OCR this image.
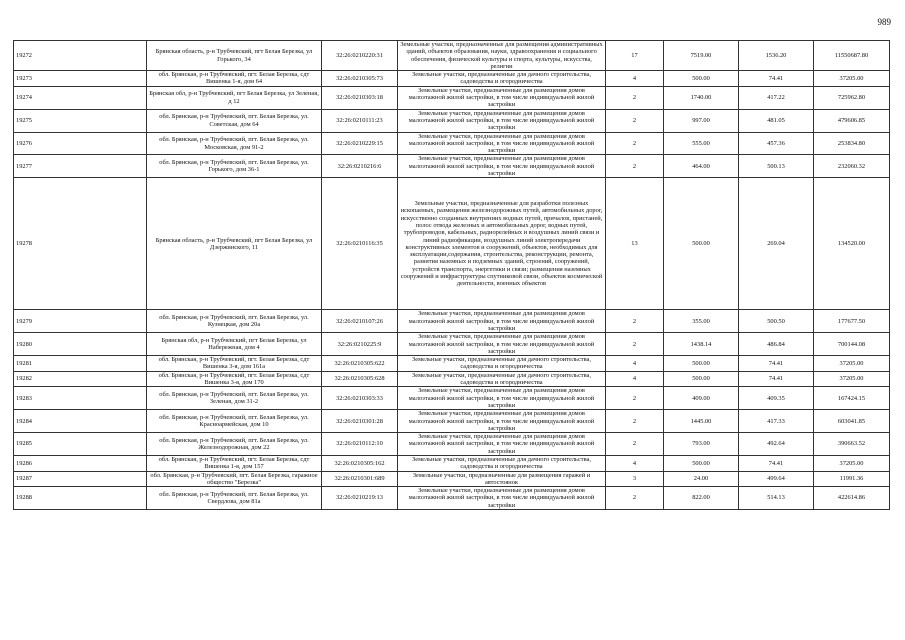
989
19272	Брянская область, р-н Трубчевский, пгт Белая Березка, ул Горького, 34	32:26:0210220:31	Земельные участки, предназначенные для размещения административных зданий, объектов образования, науки, здравоохранения и социального обеспечения, физической культуры и спорта, культуры, искусства, религии	17	7519.00	1536.20	11550687.80
19273	обл. Брянская, р-н Трубчевский, пгт. Белая Березка, сдт Вишенка 1-я, дом 64	32:26:0210305:73	Земельные участки, предназначенные для дачного строительства, садоводства и огородничества	4	500.00	74.41	37205.00
19274	Брянская обл, р-н Трубчевский, пгт Белая Березка, ул Зеленая, д 12	32:26:0210303:18	Земельные участки, предназначенные для размещения домов малоэтажной жилой застройки, в том числе индивидуальной жилой застройки	2	1740.00	417.22	725962.80
19275	обл. Брянская, р-н Трубчевский, пгт. Белая Березка, ул. Советская, дом 64	32:26:0210111:23	Земельные участки, предназначенные для размещения домов малоэтажной жилой застройки, в том числе индивидуальной жилой застройки	2	997.00	481.05	479606.85
19276	обл. Брянская, р-н Трубчевский, пгт. Белая Березка, ул. Московская, дом 91-2	32:26:0210229:15	Земельные участки, предназначенные для размещения домов малоэтажной жилой застройки, в том числе индивидуальной жилой застройки	2	555.00	457.36	253834.80
19277	обл. Брянская, р-н Трубчевский, пгт. Белая Березка, ул. Горького, дом 36-1	32:26:0210216:6	Земельные участки, предназначенные для размещения домов малоэтажной жилой застройки, в том числе индивидуальной жилой застройки	2	464.00	500.13	232060.32
19278	Брянская область, р-н Трубчевский, пгт Белая Березка, ул Дзержинского, 11	32:26:0210116:35	Земельные участки, предназначенные для разработки полезных ископаемых, размещения железнодорожных путей, автомобильных дорог, искусственно созданных внутренних водных путей, причалов, пристаней, полос отвода железных и автомобильных дорог, водных путей, трубопроводов, кабельных, радиорелейных и воздушных линий связи и линий радиофикации, воздушных линий электропередачи конструктивных элементов и сооружений, объектов, необходимых для эксплуатации,содержания, строительства, реконструкции, ремонта, развития наземных и подземных зданий, строений, сооружений, устройств транспорта, энергетики и связи; размещения наземных сооружений и инфраструктуры спутниковой связи, объектов космической деятельности, военных объектов	13	500.00	269.04	134520.00
19279	обл. Брянская, р-н Трубчевский, пгт. Белая Березка, ул. Кузнецкая, дом 20а	32:26:0210107:26	Земельные участки, предназначенные для размещения домов малоэтажной жилой застройки, в том числе индивидуальной жилой застройки	2	355.00	500.50	177677.50
19280	Брянская обл, р-н Трубчевский, пгт Белая Березка, ул Набережная, дом 4	32:26:0210225:9	Земельные участки, предназначенные для размещения домов малоэтажной жилой застройки, в том числе индивидуальной жилой застройки	2	1438.14	486.84	700144.08
19281	обл. Брянская, р-н Трубчевский, пгт. Белая Березка, сдт Вишенка 3-я, дом 161а	32:26:0210305:622	Земельные участки, предназначенные для дачного строительства, садоводства и огородничества	4	500.00	74.41	37205.00
19282	обл. Брянская, р-н Трубчевский, пгт. Белая Березка, сдт Вишенка 3-я, дом 170	32:26:0210305:628	Земельные участки, предназначенные для дачного строительства, садоводства и огородничества	4	500.00	74.41	37205.00
19283	обл. Брянская, р-н Трубчевский, пгт. Белая Березка, ул. Зеленая, дом 31-2	32:26:0210303:33	Земельные участки, предназначенные для размещения домов малоэтажной жилой застройки, в том числе индивидуальной жилой застройки	2	409.00	409.35	167424.15
19284	обл. Брянская, р-н Трубчевский, пгт. Белая Березка, ул. Красноармейская, дом 10	32:26:0210301:28	Земельные участки, предназначенные для размещения домов малоэтажной жилой застройки, в том числе индивидуальной жилой застройки	2	1445.00	417.33	603041.85
19285	обл. Брянская, р-н Трубчевский, пгт. Белая Березка, ул. Железнодорожная, дом 22	32:26:0210112:10	Земельные участки, предназначенные для размещения домов малоэтажной жилой застройки, в том числе индивидуальной жилой застройки	2	793.00	492.64	390663.52
19286	обл. Брянская, р-н Трубчевский, пгт. Белая Березка, сдт Вишенка 1-я, дом 157	32:26:0210305:162	Земельные участки, предназначенные для дачного строительства, садоводства и огородничества	4	500.00	74.41	37205.00
19287	обл. Брянская, р-н Трубчевский, пгт. Белая Березка, гаражное общество "Березка"	32:26:0210301:689	Земельные участки, предназначенные для размещения гаражей и автостоянок	3	24.00	499.64	11991.36
19288	обл. Брянская, р-н Трубчевский, пгт. Белая Березка, ул. Свердлова, дом 81а	32:26:0210219:13	Земельные участки, предназначенные для размещения домов малоэтажной жилой застройки, в том числе индивидуальной жилой застройки	2	822.00	514.13	422614.86
